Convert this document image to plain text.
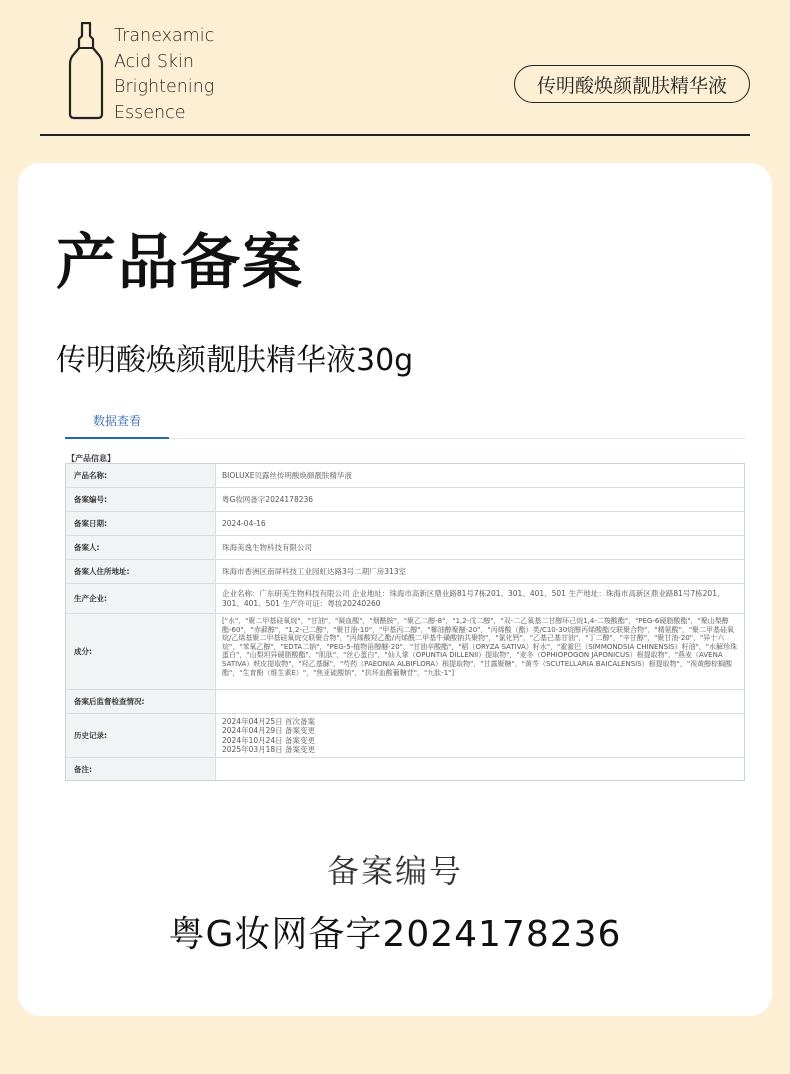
Tranexamic
Acid Skin
Brightening
Essence
传明酸焕颜靓肤精华液
产品备案
传明酸焕颜靓肤精华液30g
数据查看
【产品信息】
产品名称:	BIOLUXE贝露丝传明酸焕颜靓肤精华液
备案编号:	粤G妆网备字2024178236
备案日期:	2024-04-16
备案人:	珠海美逸生物科技有限公司
备案人住所地址:	珠海市香洲区南屏科技工业园虹达路3号二期厂房313室
生产企业:
企业名称：广东研美生物科技有限公司 企业地址：珠海市高新区鼎业路81号7栋201、301、401、501 生产地址：珠海市高新区鼎业路81号7栋201、301、401、501 生产许可证：粤妆20240260
成分:
["水"，"聚二甲基硅氧烷"，"甘油"，"凝血酸"，"烟酰胺"，"聚乙二醇-8"，"1,2-戊二醇"，"双-二乙氧基二甘醇环己烷1,4-二羧酸酯"，"PEG-6硬脂酸酯"，"聚山梨醇酯-60"，"赤藓醇"，"1,2-己二醇"，"聚甘油-10"，"甲基丙二醇"，"椰油醇聚醚-20"，"丙烯酸（酯）类/C10-30烷醇丙烯酸酯交联聚合物"，"精氨酸"，"聚二甲基硅氧烷/乙烯基聚二甲基硅氧烷交联聚合物"，"丙烯酸羟乙酯/丙烯酰二甲基牛磺酸钠共聚物"，"氯化钙"，"乙基己基甘油"，"丁二醇"，"辛甘醇"，"聚甘油-20"，"异十六烷"，"苯氧乙醇"，"EDTA二钠"，"PEG-5-植物甾醇醚-20"，"甘油辛酸酯"，"稻（ORYZA SATIVA）籽水"，"霍霍巴（SIMMONDSIA CHINENSIS）籽油"，"水解珍珠蛋白"，"山梨坦异硬脂酸酯"，"肌肽"，"丝心蛋白"，"仙人掌（OPUNTIA DILLENII）提取物"，"麦冬（OPHIOPOGON JAPONICUS）根提取物"，"燕麦（AVENA SATIVA）麸皮提取物"，"羟乙基脲"，"芍药（PAEONIA ALBIFLORA）根提取物"，"甘露聚糖"，"黄芩（SCUTELLARIA BAICALENSIS）根提取物"，"视黄醇棕榈酸酯"，"生育酚（维生素E）"，"焦亚硫酸钠"，"抗坏血酸葡糖苷"，"九肽-1"]
备案后监督检查情况:
历史记录:
2024年04月25日 首次备案
2024年04月29日 备案变更
2024年10月24日 备案变更
2025年03月18日 备案变更
备注:
备案编号
粤G妆网备字2024178236
